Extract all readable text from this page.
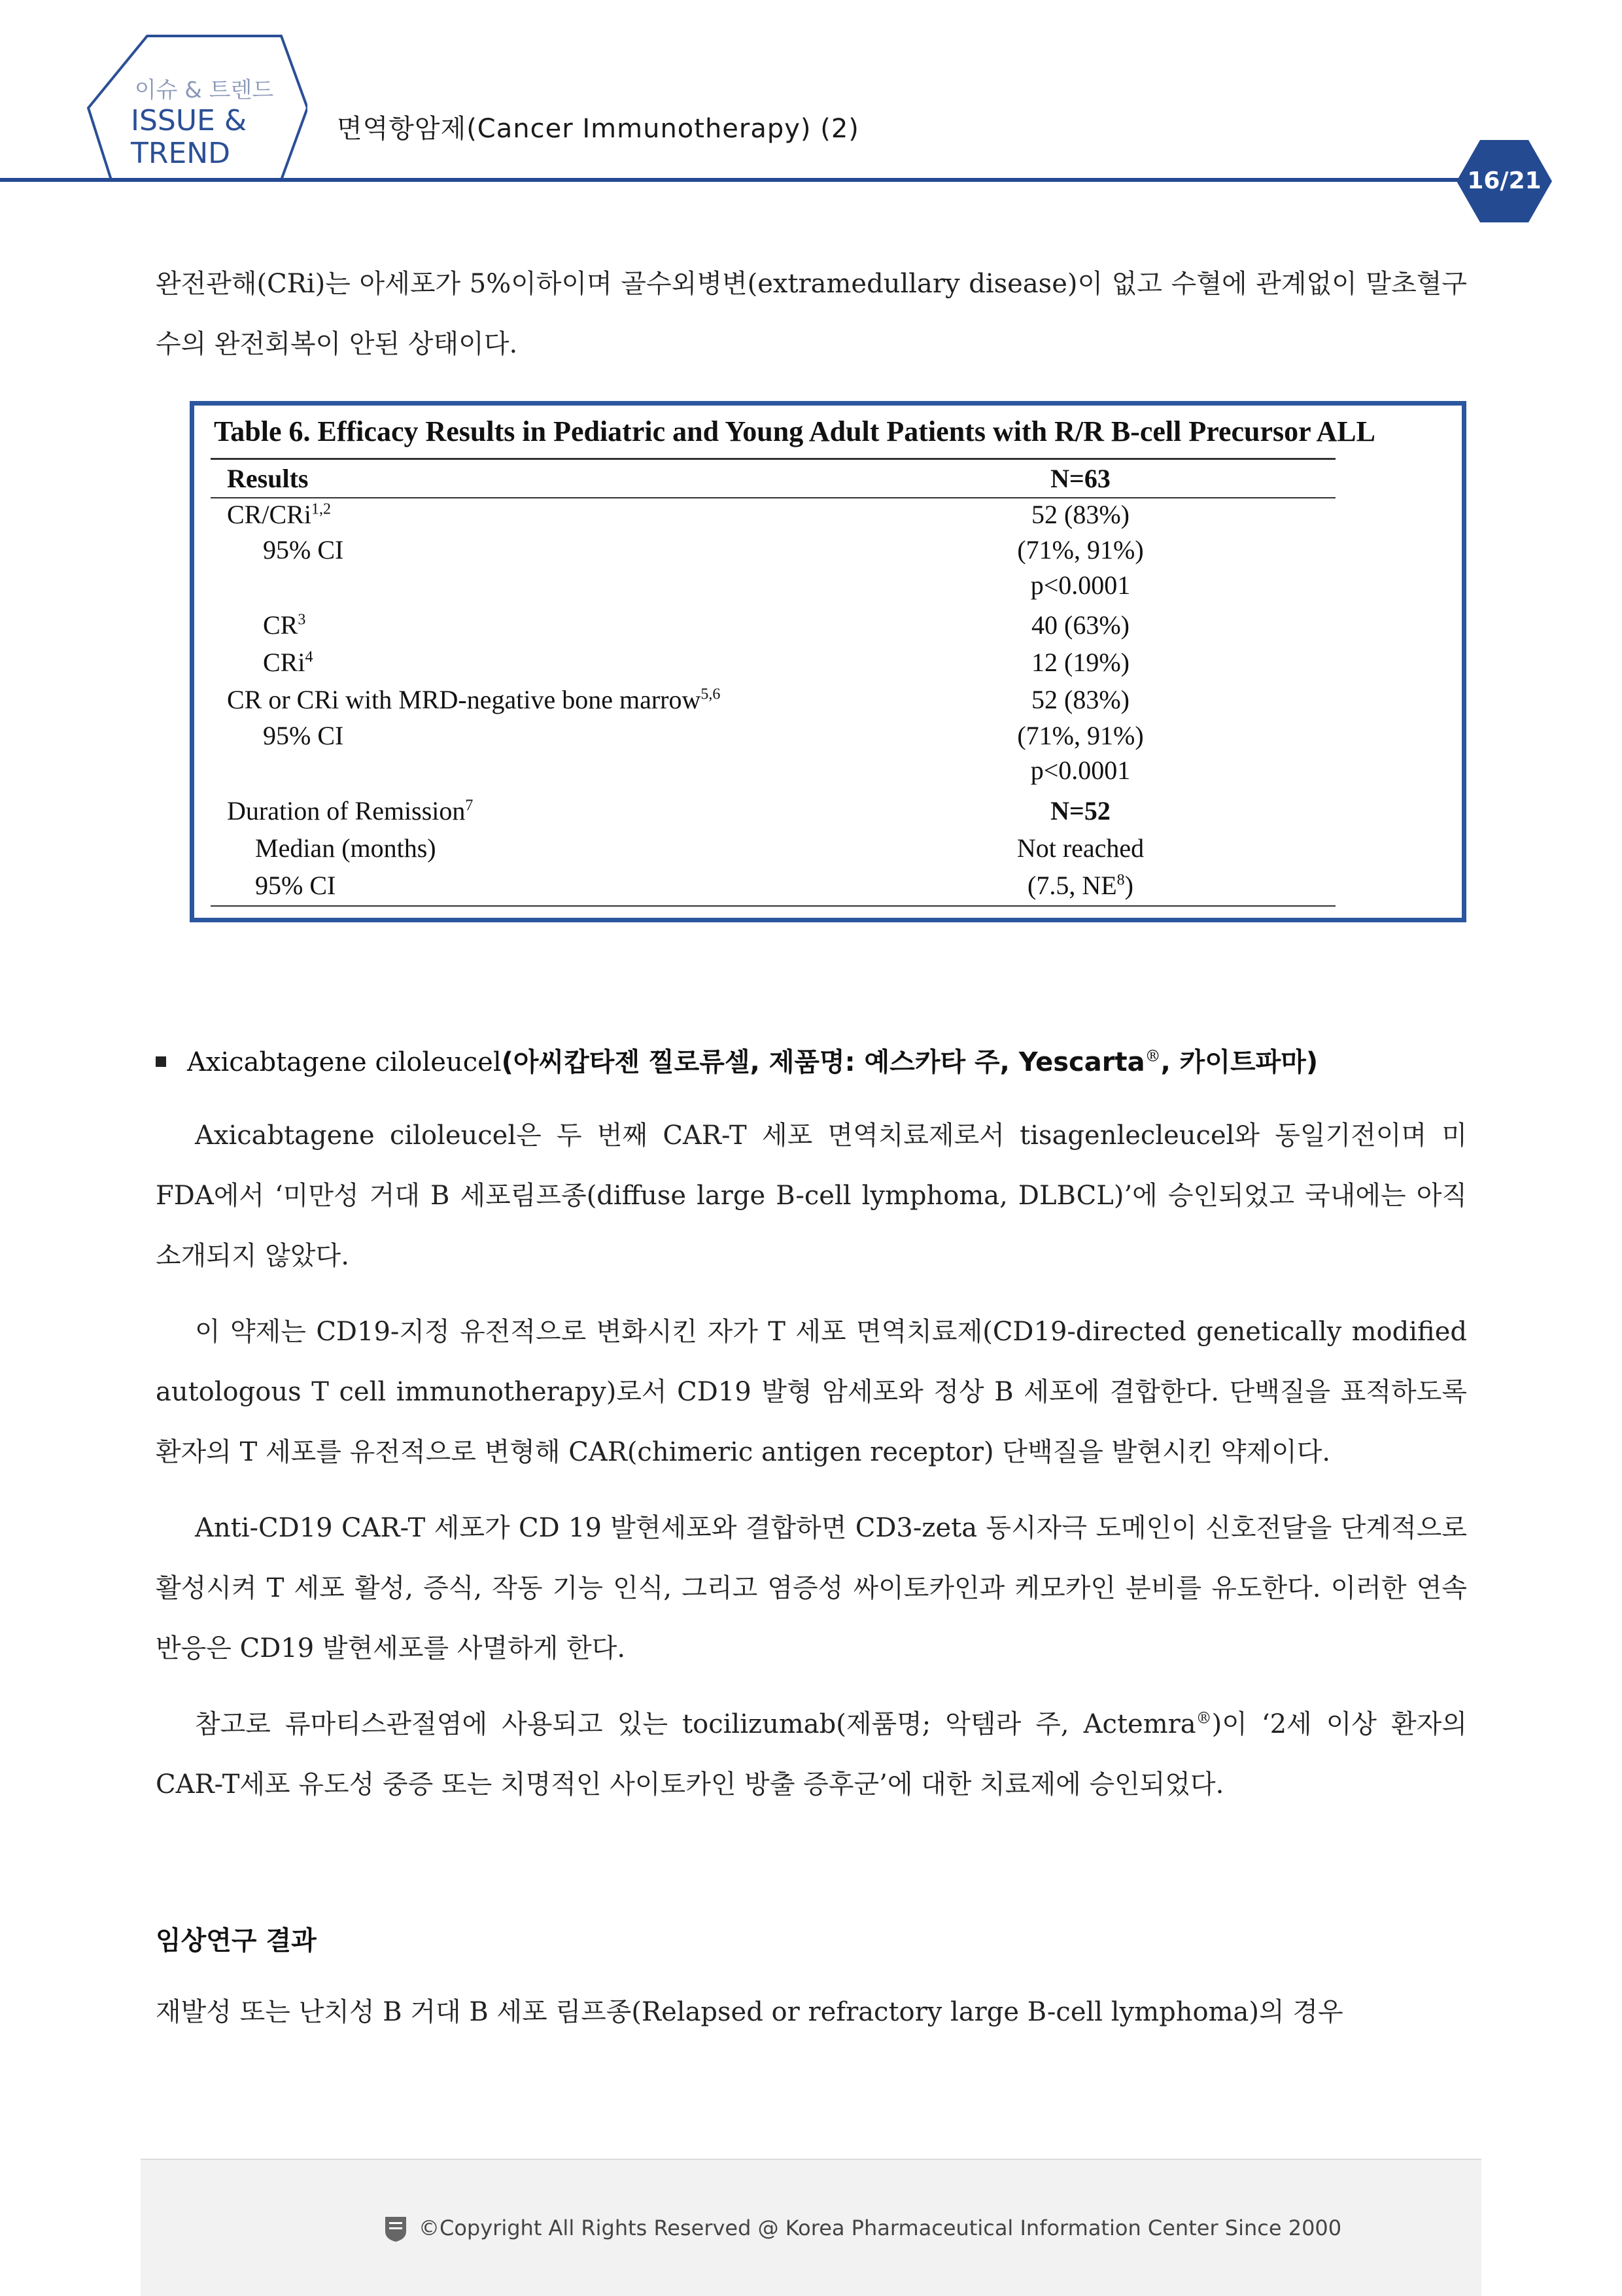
이슈 & 트렌드
ISSUE &
TREND
면역항암제(Cancer Immunotherapy) (2)
16/21
완전관해(CRi)는 아세포가 5%이하이며 골수외병변(extramedullary disease)이 없고 수혈에 관계없이 말초혈구수의 완전회복이 안된 상태이다.
Table 6. Efficacy Results in Pediatric and Young Adult Patients with R/R B-cell Precursor ALL
Results	N=63
CR/CRi$^{1,2}$	52 (83%)
95% CI	(71%, 91%)
p<0.0001
$CR^3$	40 (63%)
CRi$^4$	12 (19%)
CR or CRi with MRD-negative bone marrow$^{5,6}$	52 (83%)
95% CI	(71%, 91%)
p<0.0001
Duration of Remission$^7$	N=52
Median (months)	Not reached
95% CI	(7.5, $NE^8$)
Axicabtagene ciloleucel(아씨캅타젠 찔로류셀, 제품명: 예스카타 주, Yescarta®, 카이트파마)
Axicabtagene ciloleucel은 두 번째 CAR-T 세포 면역치료제로서 tisagenlecleucel와 동일기전이며 미 FDA에서 ‘미만성 거대 B 세포림프종(diffuse large B-cell lymphoma, DLBCL)’에 승인되었고 국내에는 아직 소개되지 않았다.
이 약제는 CD19-지정 유전적으로 변화시킨 자가 T 세포 면역치료제(CD19-directed genetically modified autologous T cell immunotherapy)로서 CD19 발형 암세포와 정상 B 세포에 결합한다. 단백질을 표적하도록 환자의 T 세포를 유전적으로 변형해 CAR(chimeric antigen receptor) 단백질을 발현시킨 약제이다.
Anti-CD19 CAR-T 세포가 CD 19 발현세포와 결합하면 CD3-zeta 동시자극 도메인이 신호전달을 단계적으로 활성시켜 T 세포 활성, 증식, 작동 기능 인식, 그리고 염증성 싸이토카인과 케모카인 분비를 유도한다. 이러한 연속 반응은 CD19 발현세포를 사멸하게 한다.
참고로 류마티스관절염에 사용되고 있는 tocilizumab(제품명; 악템라 주, Actemra®)이 ‘2세 이상 환자의 CAR-T세포 유도성 중증 또는 치명적인 사이토카인 방출 증후군’에 대한 치료제에 승인되었다.
임상연구 결과
재발성 또는 난치성 B 거대 B 세포 림프종(Relapsed or refractory large B-cell lymphoma)의 경우
©Copyright All Rights Reserved @ Korea Pharmaceutical Information Center Since 2000
